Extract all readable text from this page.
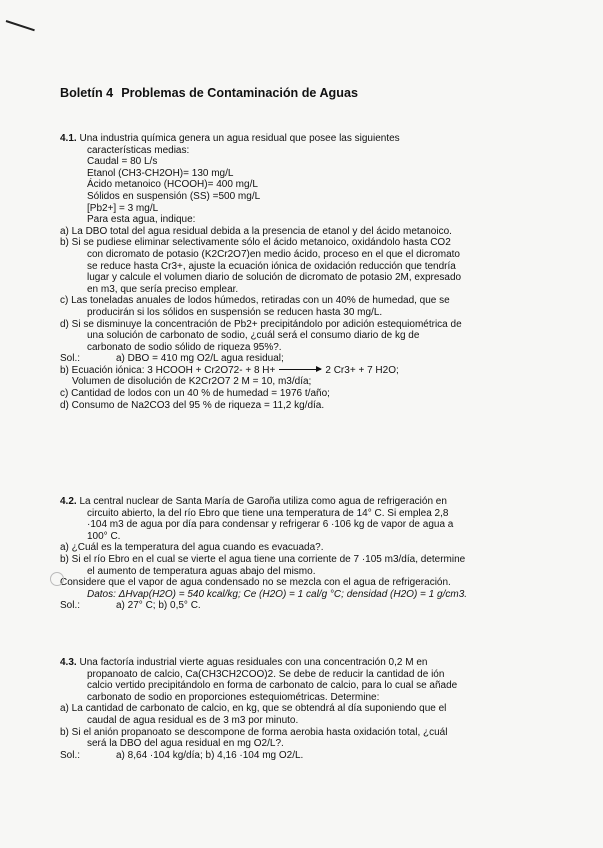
Boletín 4 Problemas de Contaminación de Aguas

4.1. Una industria química genera un agua residual que posee las siguientes

características medias:

Caudal = 80 L/s

Etanol (CH3-CH2OH)= 130 mg/L

Ácido metanoico (HCOOH)= 400 mg/L

Sólidos en suspensión (SS) =500 mg/L

[Pb2+] = 3 mg/L

Para esta agua, indique:

a) La DBO total del agua residual debida a la presencia de etanol y del ácido metanoico.

b) Si se pudiese eliminar selectivamente sólo el ácido metanoico, oxidándolo hasta CO2

con dicromato de potasio (K2Cr2O7)en medio ácido, proceso en el que el dicromato

se reduce hasta Cr3+, ajuste la ecuación iónica de oxidación reducción que tendría

lugar y calcule el volumen diario de solución de dicromato de potasio 2M, expresado

en m3, que sería preciso emplear.

c) Las toneladas anuales de lodos húmedos, retiradas con un 40% de humedad, que se

producirán si los sólidos en suspensión se reducen hasta 30 mg/L.

d) Si se disminuye la concentración de Pb2+ precipitándolo por adición estequiométrica de

una solución de carbonato de sodio, ¿cuál será el consumo diario de kg de

carbonato de sodio sólido de riqueza 95%?.

Sol.:	a) DBO = 410 mg O2/L agua residual;

b) Ecuación iónica: 3 HCOOH + Cr2O72- + 8 H+	2 Cr3+ + 7 H2O;

Volumen de disolución de K2Cr2O7 2 M = 10, m3/día;

c) Cantidad de lodos con un 40 % de humedad = 1976 t/año;

d) Consumo de Na2CO3 del 95 % de riqueza = 11,2 kg/día.

4.2. La central nuclear de Santa María de Garoña utiliza como agua de refrigeración en

circuito abierto, la del río Ebro que tiene una temperatura de 14° C. Si emplea 2,8

·104 m3 de agua por día para condensar y refrigerar 6 ·106 kg de vapor de agua a

100° C.

a) ¿Cuál es la temperatura del agua cuando es evacuada?.

b) Si el río Ebro en el cual se vierte el agua tiene una corriente de 7 ·105 m3/día, determine

el aumento de temperatura aguas abajo del mismo.

Considere que el vapor de agua condensado no se mezcla con el agua de refrigeración.

Datos: ΔHvap(H2O) = 540 kcal/kg; Ce (H2O) = 1 cal/g °C; densidad (H2O) = 1 g/cm3.

Sol.:	a) 27° C; b) 0,5° C.

4.3. Una factoría industrial vierte aguas residuales con una concentración 0,2 M en

propanoato de calcio, Ca(CH3CH2COO)2. Se debe de reducir la cantidad de ión

calcio vertido precipitándolo en forma de carbonato de calcio, para lo cual se añade

carbonato de sodio en proporciones estequiométricas. Determine:

a) La cantidad de carbonato de calcio, en kg, que se obtendrá al día suponiendo que el

caudal de agua residual es de 3 m3 por minuto.

b) Si el anión propanoato se descompone de forma aerobia hasta oxidación total, ¿cuál

será la DBO del agua residual en mg O2/L?.

Sol.:	a) 8,64 ·104 kg/día; b) 4,16 ·104 mg O2/L.
